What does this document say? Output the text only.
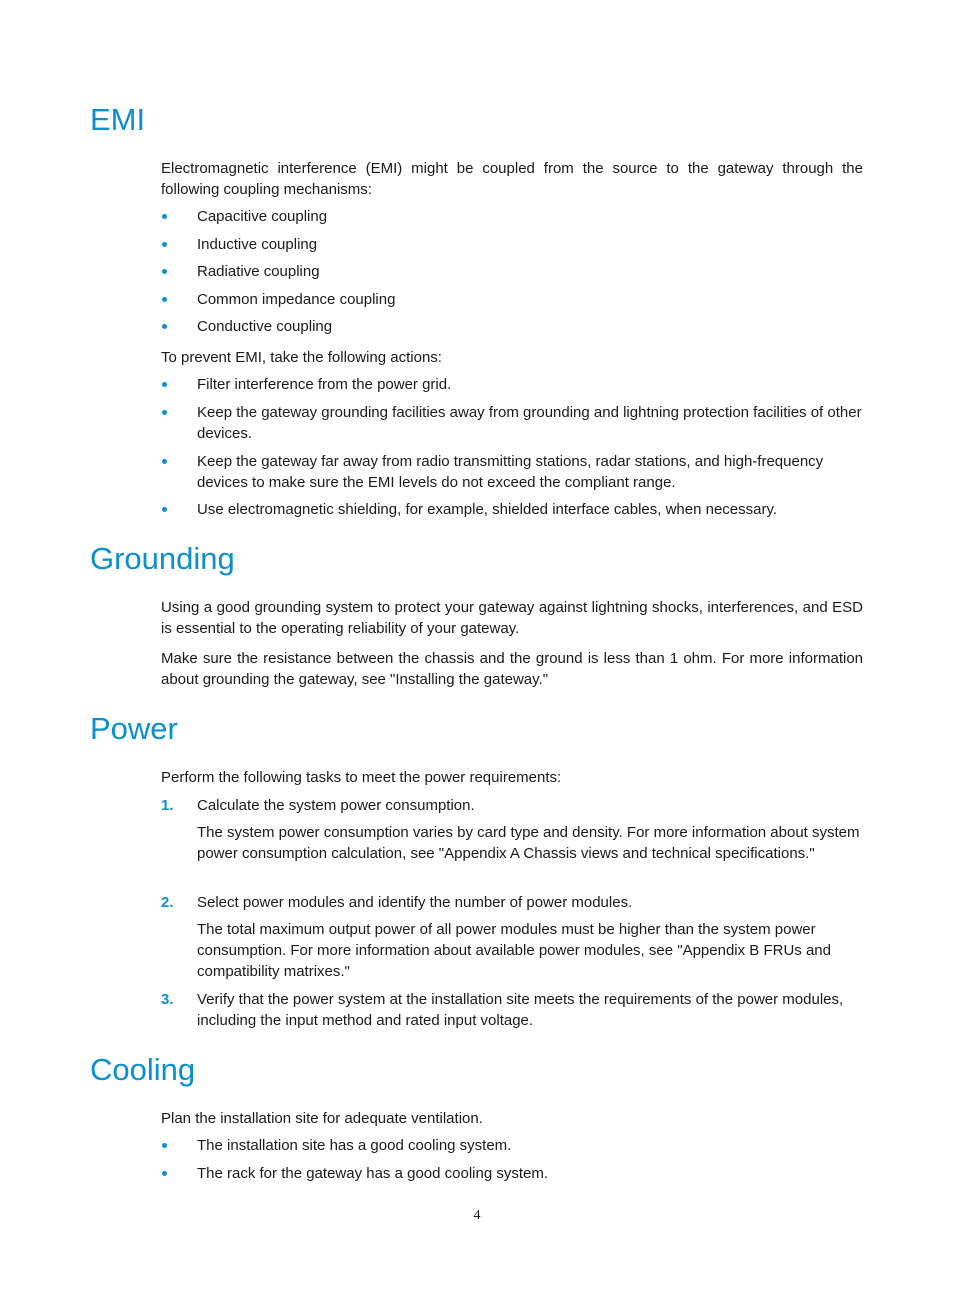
EMI

Electromagnetic interference (EMI) might be coupled from the source to the gateway through the following coupling mechanisms:

Capacitive coupling
Inductive coupling
Radiative coupling
Common impedance coupling
Conductive coupling

To prevent EMI, take the following actions:

Filter interference from the power grid.
Keep the gateway grounding facilities away from grounding and lightning protection facilities of other devices.
Keep the gateway far away from radio transmitting stations, radar stations, and high-frequency devices to make sure the EMI levels do not exceed the compliant range.
Use electromagnetic shielding, for example, shielded interface cables, when necessary.
Grounding

Using a good grounding system to protect your gateway against lightning shocks, interferences, and ESD is essential to the operating reliability of your gateway.

Make sure the resistance between the chassis and the ground is less than 1 ohm. For more information about grounding the gateway, see "Installing the gateway."

Power

Perform the following tasks to meet the power requirements:

1.	Calculate the system power consumption.
The system power consumption varies by card type and density. For more information about system power consumption calculation, see "Appendix A Chassis views and technical specifications."
2.	Select power modules and identify the number of power modules.
The total maximum output power of all power modules must be higher than the system power consumption. For more information about available power modules, see "Appendix B FRUs and compatibility matrixes."
3.	Verify that the power system at the installation site meets the requirements of the power modules, including the input method and rated input voltage.
Cooling

Plan the installation site for adequate ventilation.

The installation site has a good cooling system.
The rack for the gateway has a good cooling system.
4
